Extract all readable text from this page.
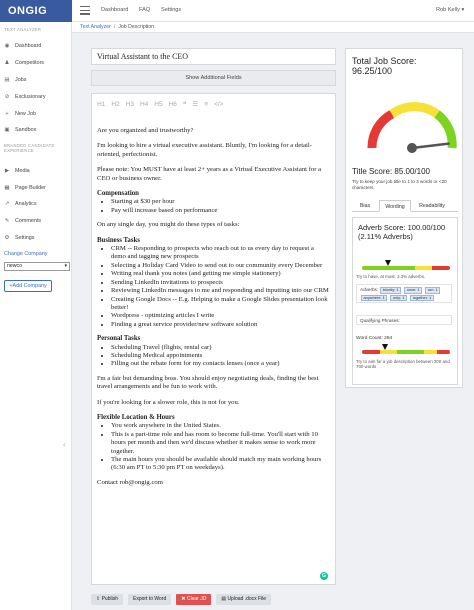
ONGIG	Dashboard FAQ Settings	Rob Kelly ▾
TEXT ANALYZER
◉ Dashboard
♟ Competitors
▤ Jobs
⊘ Exclusionary
+ New Job
▣ Sandbox
BRANDED CANDIDATE EXPERIENCE
▶ Media
▦ Page Builder
↗ Analytics
✎ Comments
⚙ Settings
Change Company
newco	▾
+Add Company
‹
Text Analyzer / Job Description
Virtual Assistant to the CEO
Show Additional Fields
H1 H2 H3 H4 H5 H6 ❝ ☰ ≡ </>

Are you organized and trustworthy?

I'm looking to hire a virtual executive assistant. Bluntly, I'm looking for a detail-oriented, perfectionist.

Please note: You MUST have at least 2+ years as a Virtual Executive Assistant for a CEO or business owner.

Compensation
• Starting at $30 per hour
• Pay will increase based on performance

On any single day, you might do these types of tasks:

Business Tasks
• CRM -- Responding to prospects who reach out to us every day to request a demo and tagging new prospects
• Selecting a Holiday Card Video to send out to our community every December
• Writing real thank you notes (and getting me simple stationery)
• Sending LinkedIn invitations to prospects
• Reviewing LinkedIn messages to me and responding and inputting into our CRM
• Creating Google Docs -- E.g. Helping to make a Google Slides presentation look better!
• Wordpress - optimizing articles I write
• Finding a great service provider/new software solution
Personal Tasks
• Scheduling Travel (flights, rental car)
• Scheduling Medical appointments
• Filling out the rebate form for my contacts lenses (once a year)

I'm a fair but demanding boss. You should enjoy negotiating deals, finding the best travel arrangements and be fun to work with.

If you're looking for a slower role, this is not for you.

Flexible Location & Hours
• You work anywhere in the United States.
• This is a part-time role and has room to become full-time. You'll start with 10 hours per month and then we'd discuss whether it makes sense to work more together.
• The main hours you should be available should match my main working hours (6:30 am PT to 5:30 pm PT on weekdays).

Contact rob@ongig.com

G
⇧ Publish	Export to Word	✖ Clear JD	▤ Upload .docx File
Total Job Score:
96.25/100
Title Score: 85.00/100
Try to keep your job title to 1 to 3 words or <20 characters.
Bias	Wording	Readability
Adverb Score: 100.00/100 (2.11% Adverbs)
Try to have, at most, 2.3% adverbs.
Adverbs: bluntly: 1 once: 1 run: 1 anywhere: 1 only: 1 together: 1
Qualifying Phrases:
Word Count: 284
Try to aim for a job description between 300 and 700 words
